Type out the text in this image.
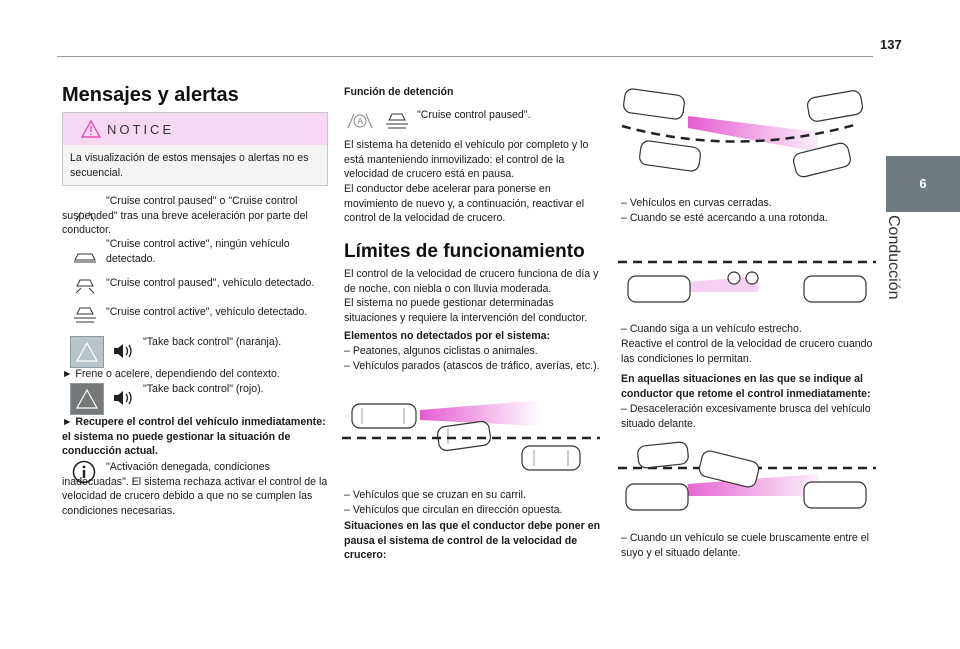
137
6
Conducción
Mensajes y alertas
NOTICE
La visualización de estos mensajes o alertas no es secuencial.
"Cruise control paused" o "Cruise control suspended" tras una breve aceleración por parte del conductor.
"Cruise control active", ningún vehículo detectado.
"Cruise control paused", vehículo detectado.
"Cruise control active", vehículo detectado.
"Take back control" (naranja).
► Frene o acelere, dependiendo del contexto.
"Take back control" (rojo).
► Recupere el control del vehículo inmediatamente: el sistema no puede gestionar la situación de conducción actual.
"Activación denegada, condiciones inadecuadas". El sistema rechaza activar el control de la velocidad de crucero debido a que no se cumplen las condiciones necesarias.
Función de detención
A
"Cruise control paused".
El sistema ha detenido el vehículo por completo y lo está manteniendo inmovilizado: el control de la velocidad de crucero está en pausa.
El conductor debe acelerar para ponerse en movimiento de nuevo y, a continuación, reactivar el control de la velocidad de crucero.
Límites de funcionamiento
El control de la velocidad de crucero funciona de día y de noche, con niebla o con lluvia moderada.
El sistema no puede gestionar determinadas situaciones y requiere la intervención del conductor.
Elementos no detectados por el sistema:
– Peatones, algunos ciclistas o animales.
– Vehículos parados (atascos de tráfico, averías, etc.).
– Vehículos que se cruzan en su carril.
– Vehículos que circulan en dirección opuesta.
Situaciones en las que el conductor debe poner en pausa el sistema de control de la velocidad de crucero:
– Vehículos en curvas cerradas.
– Cuando se esté acercando a una rotonda.
– Cuando siga a un vehículo estrecho.
Reactive el control de la velocidad de crucero cuando las condiciones lo permitan.
En aquellas situaciones en las que se indique al conductor que retome el control inmediatamente:
– Desaceleración excesivamente brusca del vehículo situado delante.
– Cuando un vehículo se cuele bruscamente entre el suyo y el situado delante.
